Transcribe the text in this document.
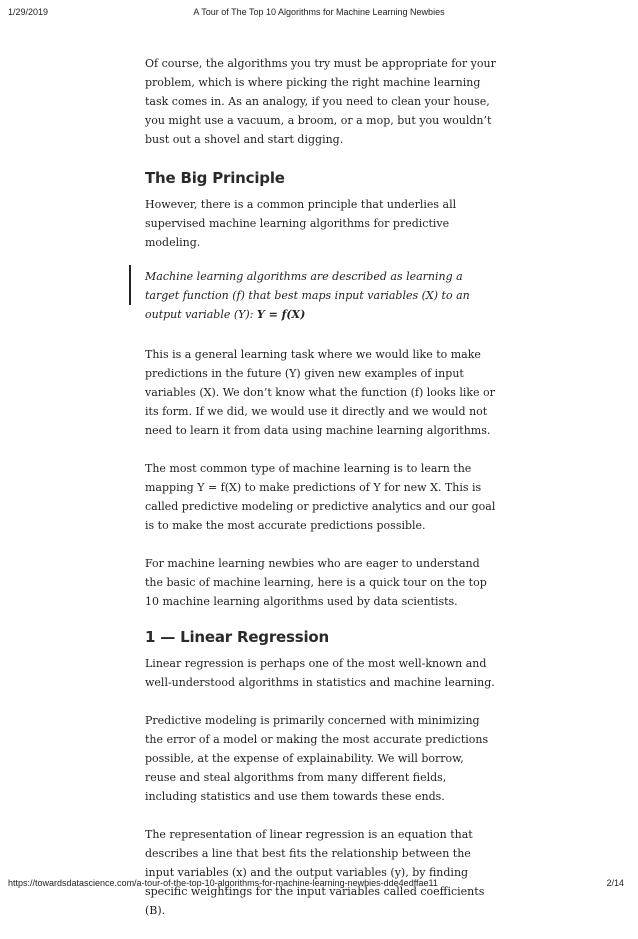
1/29/2019	A Tour of The Top 10 Algorithms for Machine Learning Newbies

Of course, the algorithms you try must be appropriate for your problem, which is where picking the right machine learning task comes in. As an analogy, if you need to clean your house, you might use a vacuum, a broom, or a mop, but you wouldn’t bust out a shovel and start digging.

The Big Principle

However, there is a common principle that underlies all supervised machine learning algorithms for predictive modeling.

Machine learning algorithms are described as learning a target function (f) that best maps input variables (X) to an output variable (Y): Y = f(X)

This is a general learning task where we would like to make predictions in the future (Y) given new examples of input variables (X). We don’t know what the function (f) looks like or its form. If we did, we would use it directly and we would not need to learn it from data using machine learning algorithms.

The most common type of machine learning is to learn the mapping Y = f(X) to make predictions of Y for new X. This is called predictive modeling or predictive analytics and our goal is to make the most accurate predictions possible.

For machine learning newbies who are eager to understand the basic of machine learning, here is a quick tour on the top 10 machine learning algorithms used by data scientists.

1 — Linear Regression

Linear regression is perhaps one of the most well-known and well-understood algorithms in statistics and machine learning.

Predictive modeling is primarily concerned with minimizing the error of a model or making the most accurate predictions possible, at the expense of explainability. We will borrow, reuse and steal algorithms from many different fields, including statistics and use them towards these ends.

The representation of linear regression is an equation that describes a line that best fits the relationship between the input variables (x) and the output variables (y), by finding specific weightings for the input variables called coefficients (B).

https://towardsdatascience.com/a-tour-of-the-top-10-algorithms-for-machine-learning-newbies-dde4edffae11	2/14
